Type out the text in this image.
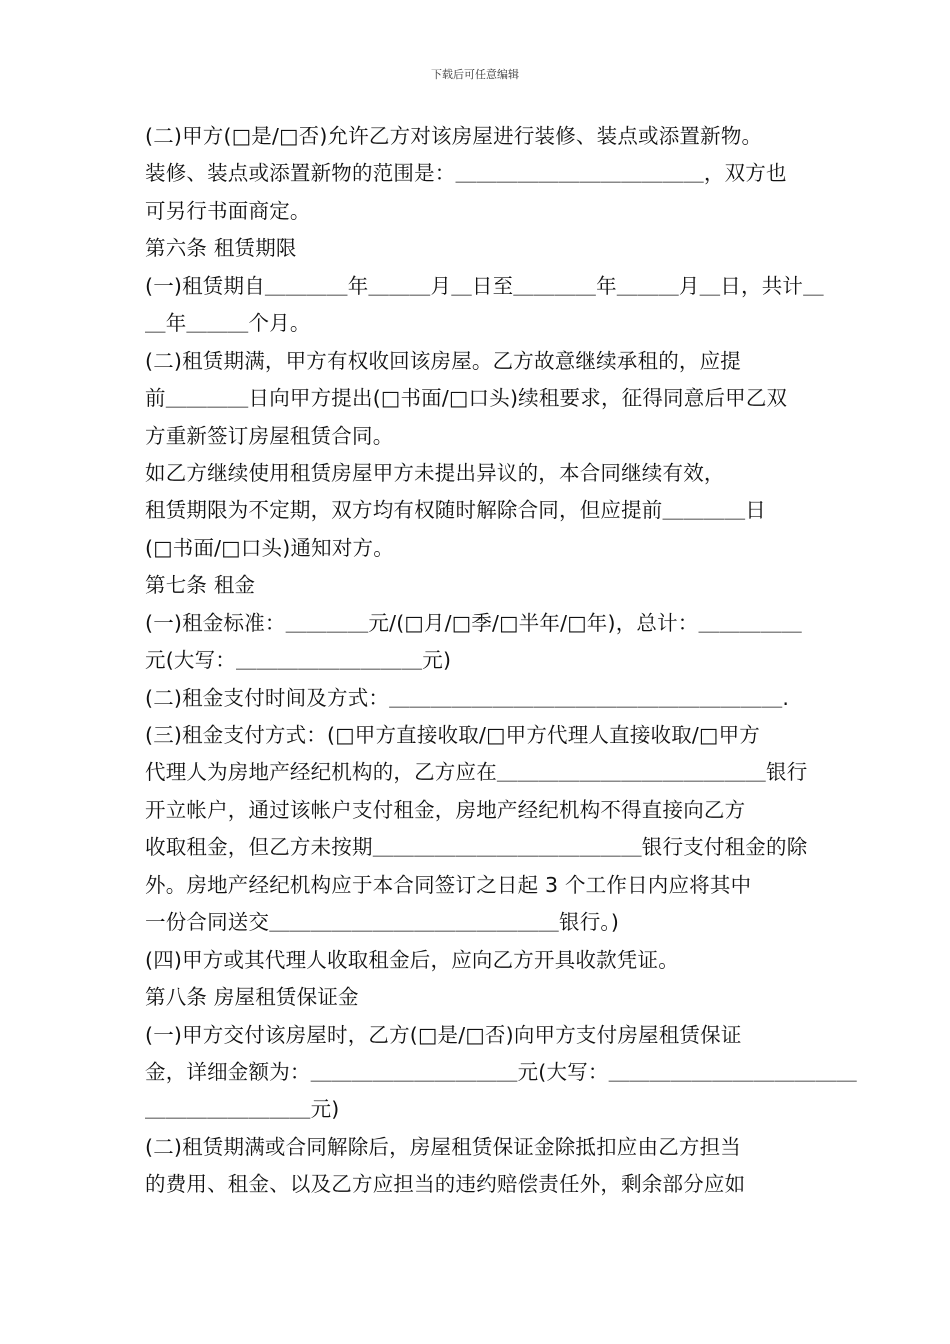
下载后可任意编辑
(二)甲方(□是/□否)允许乙方对该房屋进行装修、装点或添置新物。
装修、装点或添置新物的范围是：＿＿＿＿＿＿＿＿＿＿＿＿，双方也
可另行书面商定。
第六条 租赁期限
(一)租赁期自＿＿＿＿年＿＿＿月＿日至＿＿＿＿年＿＿＿月＿日，共计＿
＿年＿＿＿个月。
(二)租赁期满，甲方有权收回该房屋。乙方故意继续承租的，应提
前＿＿＿＿日向甲方提出(□书面/□口头)续租要求，征得同意后甲乙双
方重新签订房屋租赁合同。
如乙方继续使用租赁房屋甲方未提出异议的，本合同继续有效，
租赁期限为不定期，双方均有权随时解除合同，但应提前＿＿＿＿日
(□书面/□口头)通知对方。
第七条 租金
(一)租金标准：＿＿＿＿元/(□月/□季/□半年/□年)，总计：＿＿＿＿＿
元(大写：＿＿＿＿＿＿＿＿＿元)
(二)租金支付时间及方式：＿＿＿＿＿＿＿＿＿＿＿＿＿＿＿＿＿＿＿.
(三)租金支付方式：(□甲方直接收取/□甲方代理人直接收取/□甲方
代理人为房地产经纪机构的，乙方应在＿＿＿＿＿＿＿＿＿＿＿＿＿银行
开立帐户，通过该帐户支付租金，房地产经纪机构不得直接向乙方
收取租金，但乙方未按期＿＿＿＿＿＿＿＿＿＿＿＿＿银行支付租金的除
外。房地产经纪机构应于本合同签订之日起 3 个工作日内应将其中
一份合同送交＿＿＿＿＿＿＿＿＿＿＿＿＿＿银行。)
(四)甲方或其代理人收取租金后，应向乙方开具收款凭证。
第八条 房屋租赁保证金
(一)甲方交付该房屋时，乙方(□是/□否)向甲方支付房屋租赁保证
金，详细金额为：＿＿＿＿＿＿＿＿＿＿元(大写：＿＿＿＿＿＿＿＿＿＿＿＿
＿＿＿＿＿＿＿＿元)
(二)租赁期满或合同解除后，房屋租赁保证金除抵扣应由乙方担当
的费用、租金、以及乙方应担当的违约赔偿责任外，剩余部分应如
